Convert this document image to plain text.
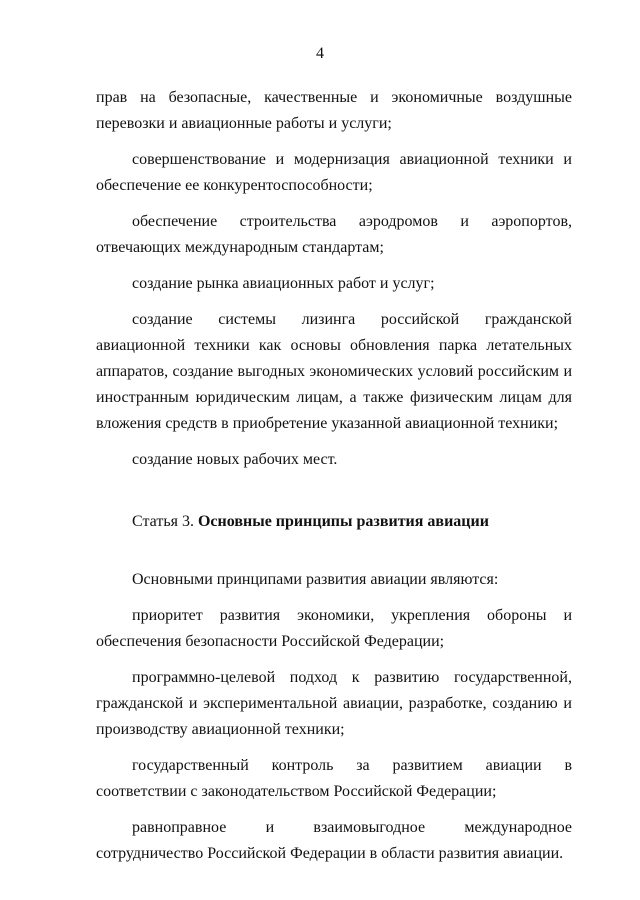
4

прав на безопасные, качественные и экономичные воздушные перевозки и авиационные работы и услуги;

совершенствование и модернизация авиационной техники и обеспечение ее конкурентоспособности;

обеспечение строительства аэродромов и аэропортов, отвечающих международным стандартам;

создание рынка авиационных работ и услуг;

создание системы лизинга российской гражданской авиационной техники как основы обновления парка летательных аппаратов, создание выгодных экономических условий российским и иностранным юридическим лицам, а также физическим лицам для вложения средств в приобретение указанной авиационной техники;

создание новых рабочих мест.

Статья 3. Основные принципы развития авиации

Основными принципами развития авиации являются:

приоритет развития экономики, укрепления обороны и обеспечения безопасности Российской Федерации;

программно-целевой подход к развитию государственной, гражданской и экспериментальной авиации, разработке, созданию и производству авиационной техники;

государственный контроль за развитием авиации в соответствии с законодательством Российской Федерации;

равноправное и взаимовыгодное международное сотрудничество Российской Федерации в области развития авиации.
